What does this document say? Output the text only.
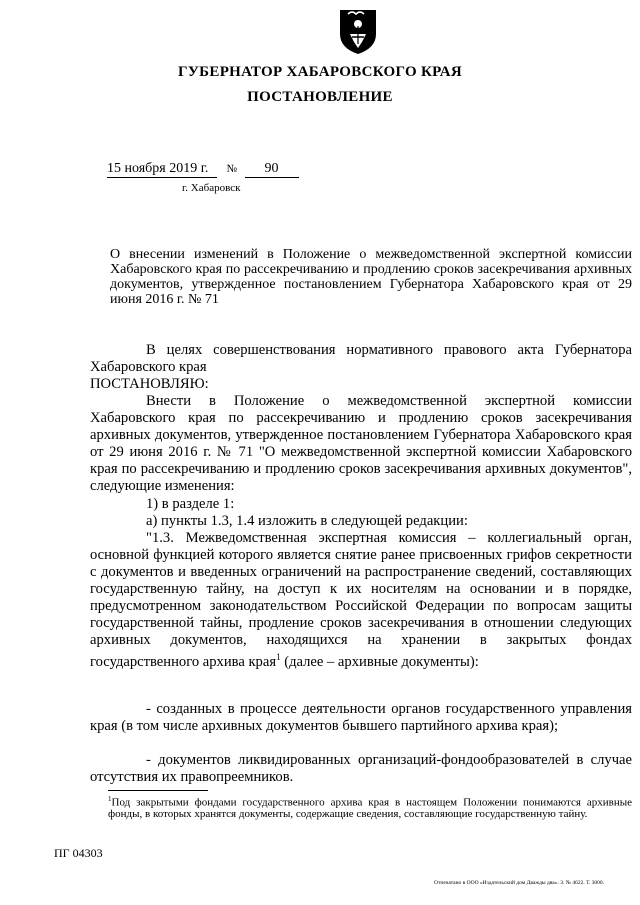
ГУБЕРНАТОР ХАБАРОВСКОГО КРАЯ
ПОСТАНОВЛЕНИЕ
15 ноября 2019 г. № 90
г. Хабаровск

О внесении изменений в Положение о межведомственной экспертной комиссии Хабаровского края по рассекречиванию и продлению сроков засекречивания архивных документов, утвержденное постановлением Губернатора Хабаровского края от 29 июня 2016 г. № 71

В целях совершенствования нормативного правового акта Губернатора Хабаровского края

ПОСТАНОВЛЯЮ:

Внести в Положение о межведомственной экспертной комиссии Хабаровского края по рассекречиванию и продлению сроков засекречивания архивных документов, утвержденное постановлением Губернатора Хабаровского края от 29 июня 2016 г. № 71 "О межведомственной экспертной комиссии Хабаровского края по рассекречиванию и продлению сроков засекречивания архивных документов", следующие изменения:

1) в разделе 1:

а) пункты 1.3, 1.4 изложить в следующей редакции:

"1.3. Межведомственная экспертная комиссия – коллегиальный орган, основной функцией которого является снятие ранее присвоенных грифов секретности с документов и введенных ограничений на распространение сведений, составляющих государственную тайну, на доступ к их носителям на основании и в порядке, предусмотренном законодательством Российской Федерации по вопросам защиты государственной тайны, продление сроков засекречивания в отношении следующих архивных документов, находящихся на хранении в закрытых фондах государственного архива края$^1$ (далее – архивные документы):

- созданных в процессе деятельности органов государственного управления края (в том числе архивных документов бывшего партийного архива края);

- документов ликвидированных организаций-фондообразователей в случае отсутствия их правопреемников.

$^1$Под закрытыми фондами государственного архива края в настоящем Положении понимаются архивные фонды, в которых хранятся документы, содержащие сведения, составляющие государственную тайну.

ПГ 04303
Отпечатано в ООО «Издательский дом Дважды два». З. № 4622. Т. 3000.
